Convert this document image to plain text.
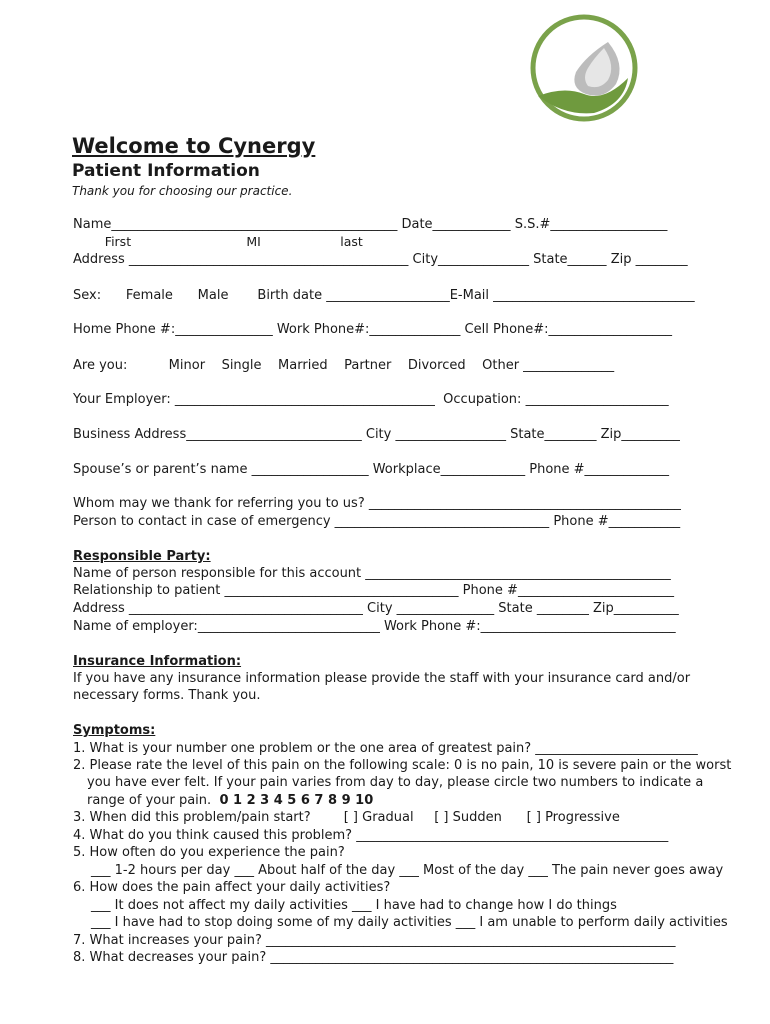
Welcome to Cynergy
Patient Information
Thank you for choosing our practice.
Name____________________________________________ Date____________ S.S.#__________________
First                             MI                    last
Address ___________________________________________ City______________ State______ Zip ________
Sex:      Female      Male       Birth date ___________________E-Mail _______________________________
Home Phone #:_______________ Work Phone#:______________ Cell Phone#:___________________
Are you:          Minor    Single    Married    Partner    Divorced    Other ______________
Your Employer: ________________________________________  Occupation: ______________________
Business Address___________________________ City _________________ State________ Zip_________
Spouse’s or parent’s name __________________ Workplace_____________ Phone #_____________
Whom may we thank for referring you to us? ________________________________________________
Person to contact in case of emergency _________________________________ Phone #___________
Responsible Party:
Name of person responsible for this account _______________________________________________
Relationship to patient ____________________________________ Phone #________________________
Address ____________________________________ City _______________ State ________ Zip__________
Name of employer:____________________________ Work Phone #:______________________________
Insurance Information:
If you have any insurance information please provide the staff with your insurance card and/or
necessary forms. Thank you.
Symptoms:
1. What is your number one problem or the one area of greatest pain? _________________________
2. Please rate the level of this pain on the following scale: 0 is no pain, 10 is severe pain or the worst
you have ever felt. If your pain varies from day to day, please circle two numbers to indicate a
range of your pain.  0 1 2 3 4 5 6 7 8 9 10
3. When did this problem/pain start?        [ ] Gradual     [ ] Sudden      [ ] Progressive
4. What do you think caused this problem? ________________________________________________
5. How often do you experience the pain?
___ 1-2 hours per day ___ About half of the day ___ Most of the day ___ The pain never goes away
6. How does the pain affect your daily activities?
___ It does not affect my daily activities ___ I have had to change how I do things
___ I have had to stop doing some of my daily activities ___ I am unable to perform daily activities
7. What increases your pain? _______________________________________________________________
8. What decreases your pain? ______________________________________________________________
